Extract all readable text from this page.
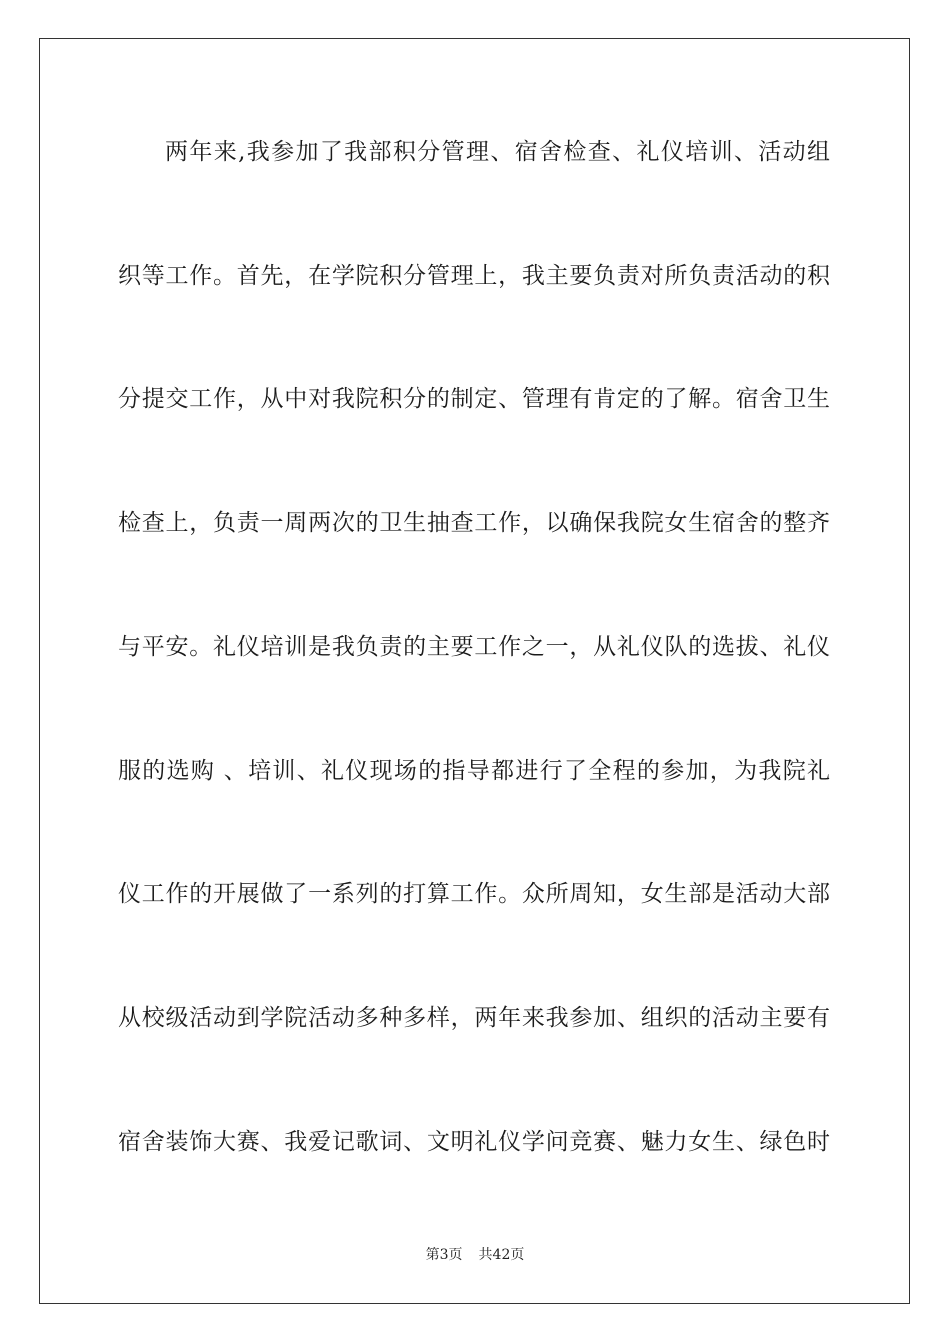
两年来,我参加了我部积分管理、宿舍检查、礼仪培训、活动组
织等工作。首先，在学院积分管理上，我主要负责对所负责活动的积
分提交工作，从中对我院积分的制定、管理有肯定的了解。宿舍卫生
检查上，负责一周两次的卫生抽查工作，以确保我院女生宿舍的整齐
与平安。礼仪培训是我负责的主要工作之一，从礼仪队的选拔、礼仪
服的选购 、培训、礼仪现场的指导都进行了全程的参加，为我院礼
仪工作的开展做了一系列的打算工作。众所周知，女生部是活动大部
从校级活动到学院活动多种多样，两年来我参加、组织的活动主要有
宿舍装饰大赛、我爱记歌词、文明礼仪学问竞赛、魅力女生、绿色时
第3页 共42页
